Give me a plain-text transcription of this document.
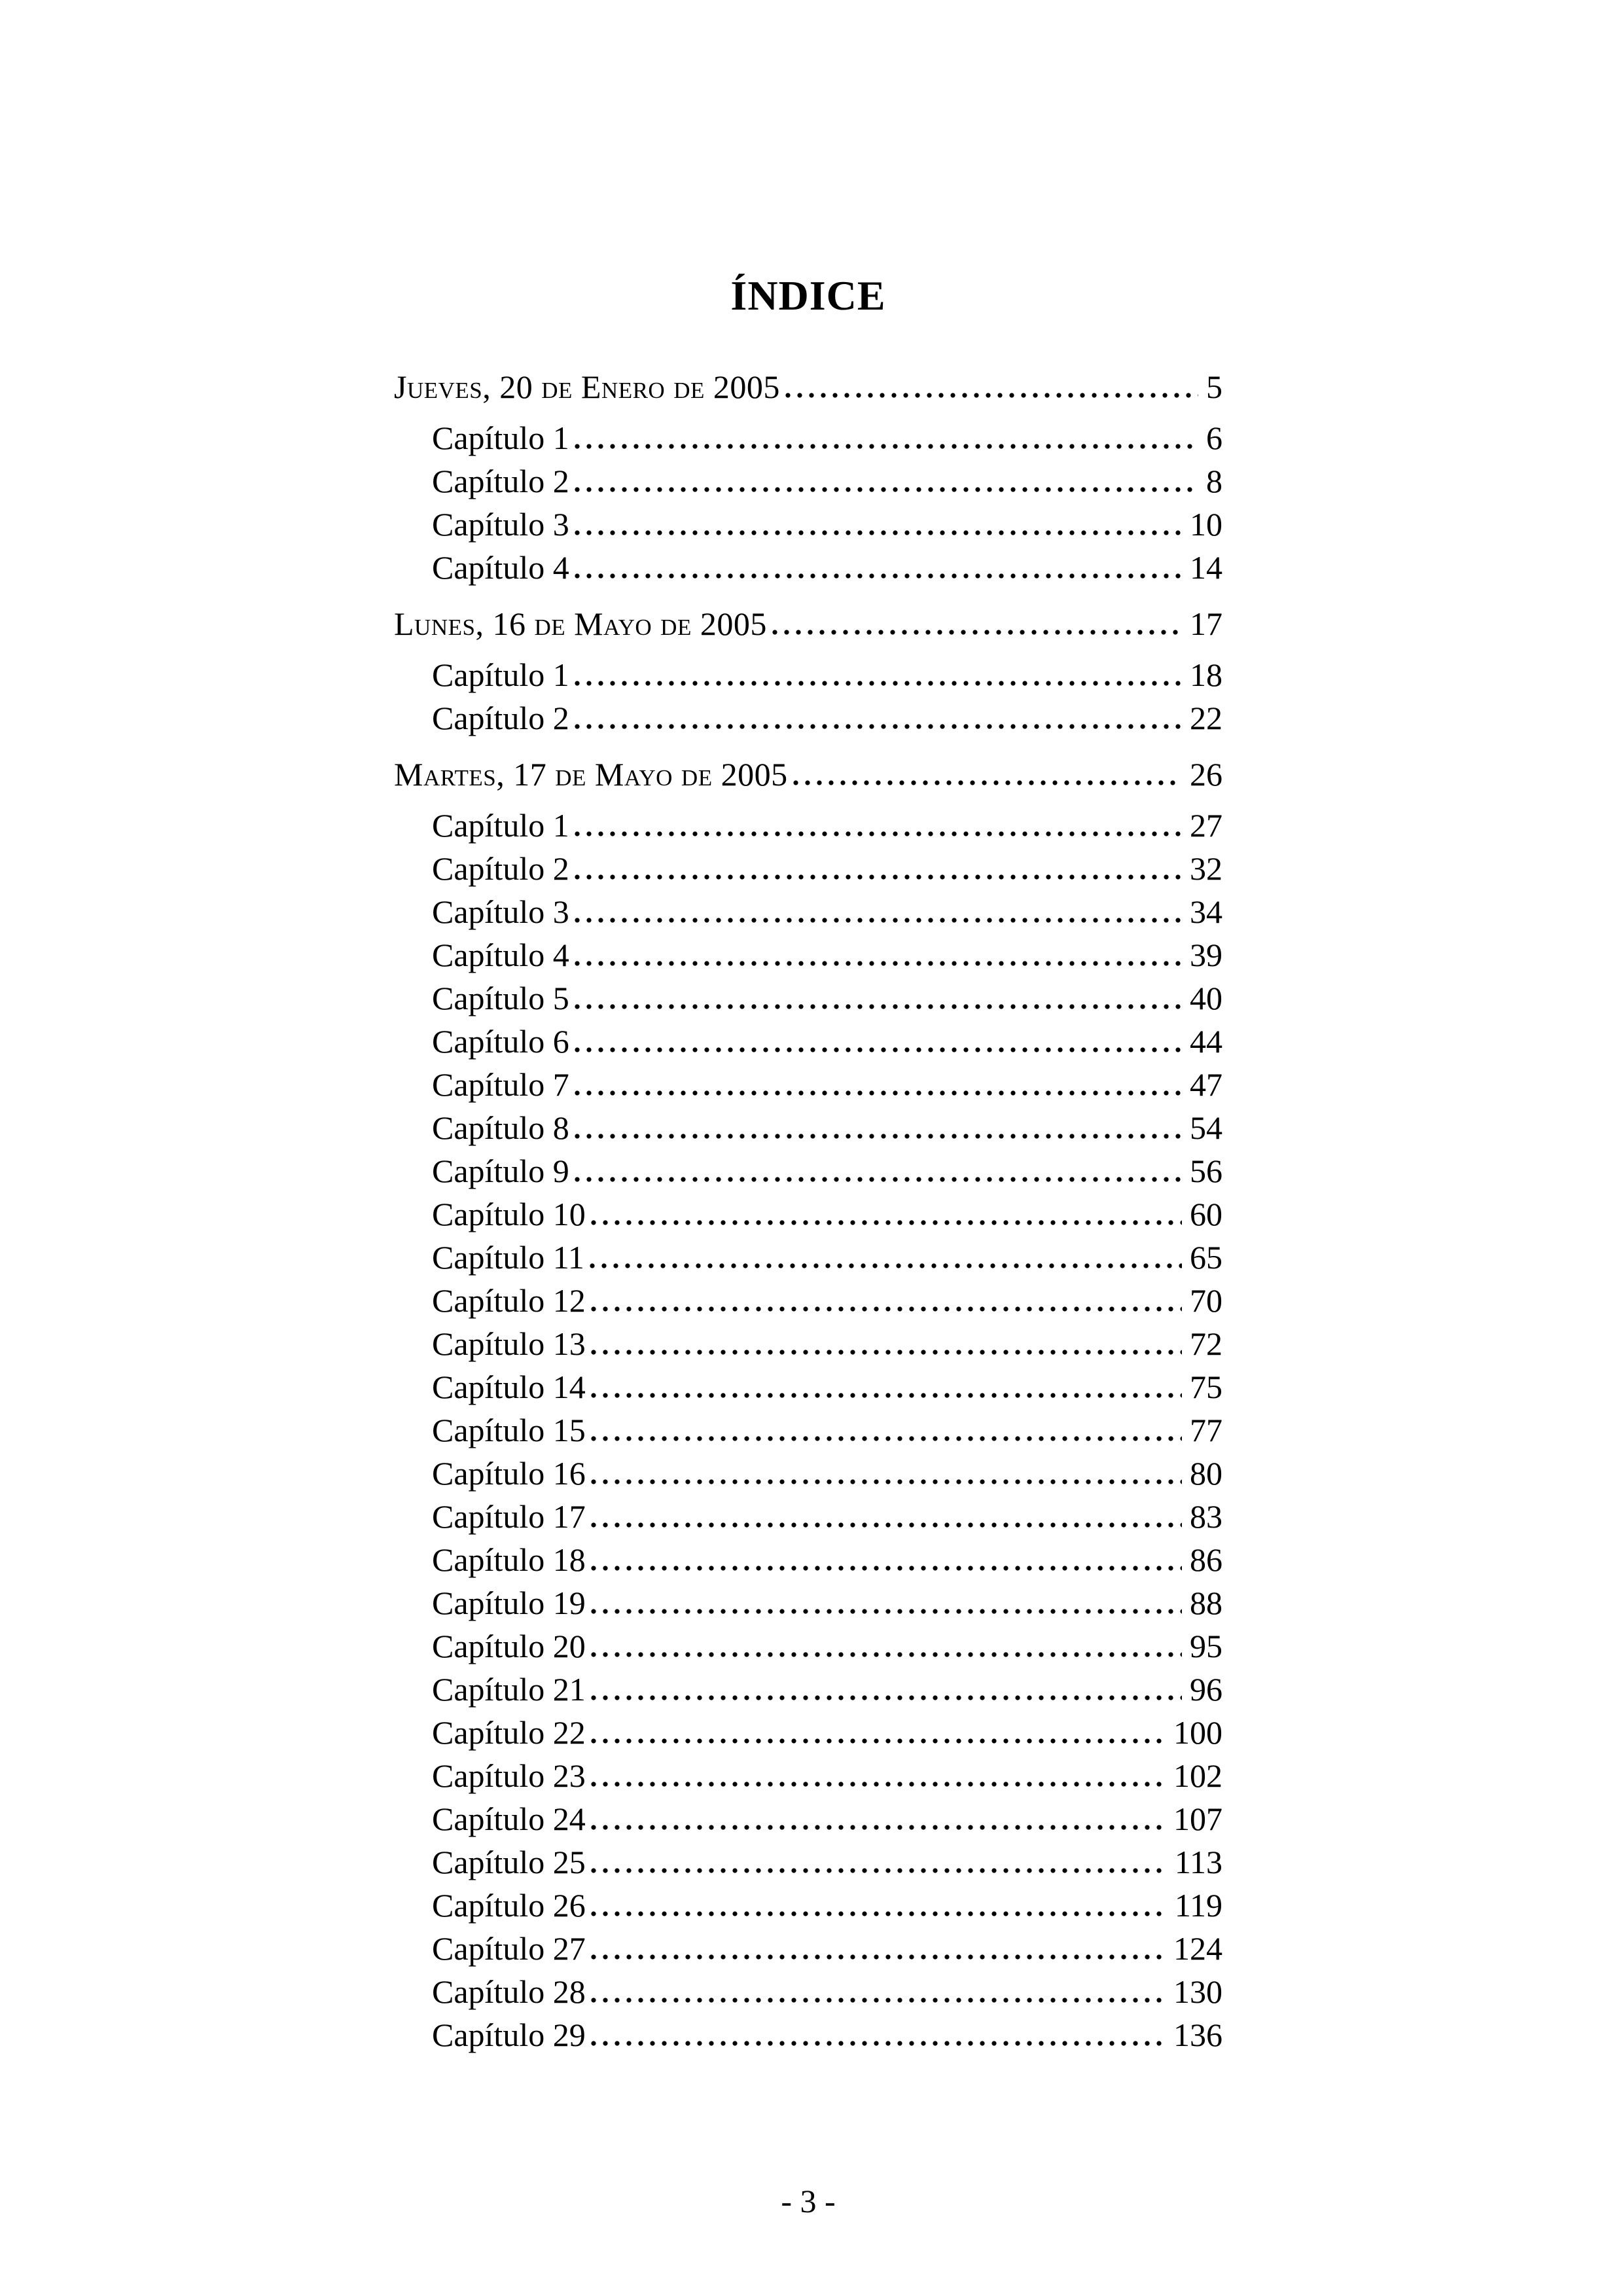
ÍNDICE
Jueves, 20 de Enero de 2005	5
Capítulo 1	6
Capítulo 2	8
Capítulo 3	10
Capítulo 4	14
Lunes, 16 de Mayo de 2005	17
Capítulo 1	18
Capítulo 2	22
Martes, 17 de Mayo de 2005	26
Capítulo 1	27
Capítulo 2	32
Capítulo 3	34
Capítulo 4	39
Capítulo 5	40
Capítulo 6	44
Capítulo 7	47
Capítulo 8	54
Capítulo 9	56
Capítulo 10	60
Capítulo 11	65
Capítulo 12	70
Capítulo 13	72
Capítulo 14	75
Capítulo 15	77
Capítulo 16	80
Capítulo 17	83
Capítulo 18	86
Capítulo 19	88
Capítulo 20	95
Capítulo 21	96
Capítulo 22	100
Capítulo 23	102
Capítulo 24	107
Capítulo 25	113
Capítulo 26	119
Capítulo 27	124
Capítulo 28	130
Capítulo 29	136
- 3 -
